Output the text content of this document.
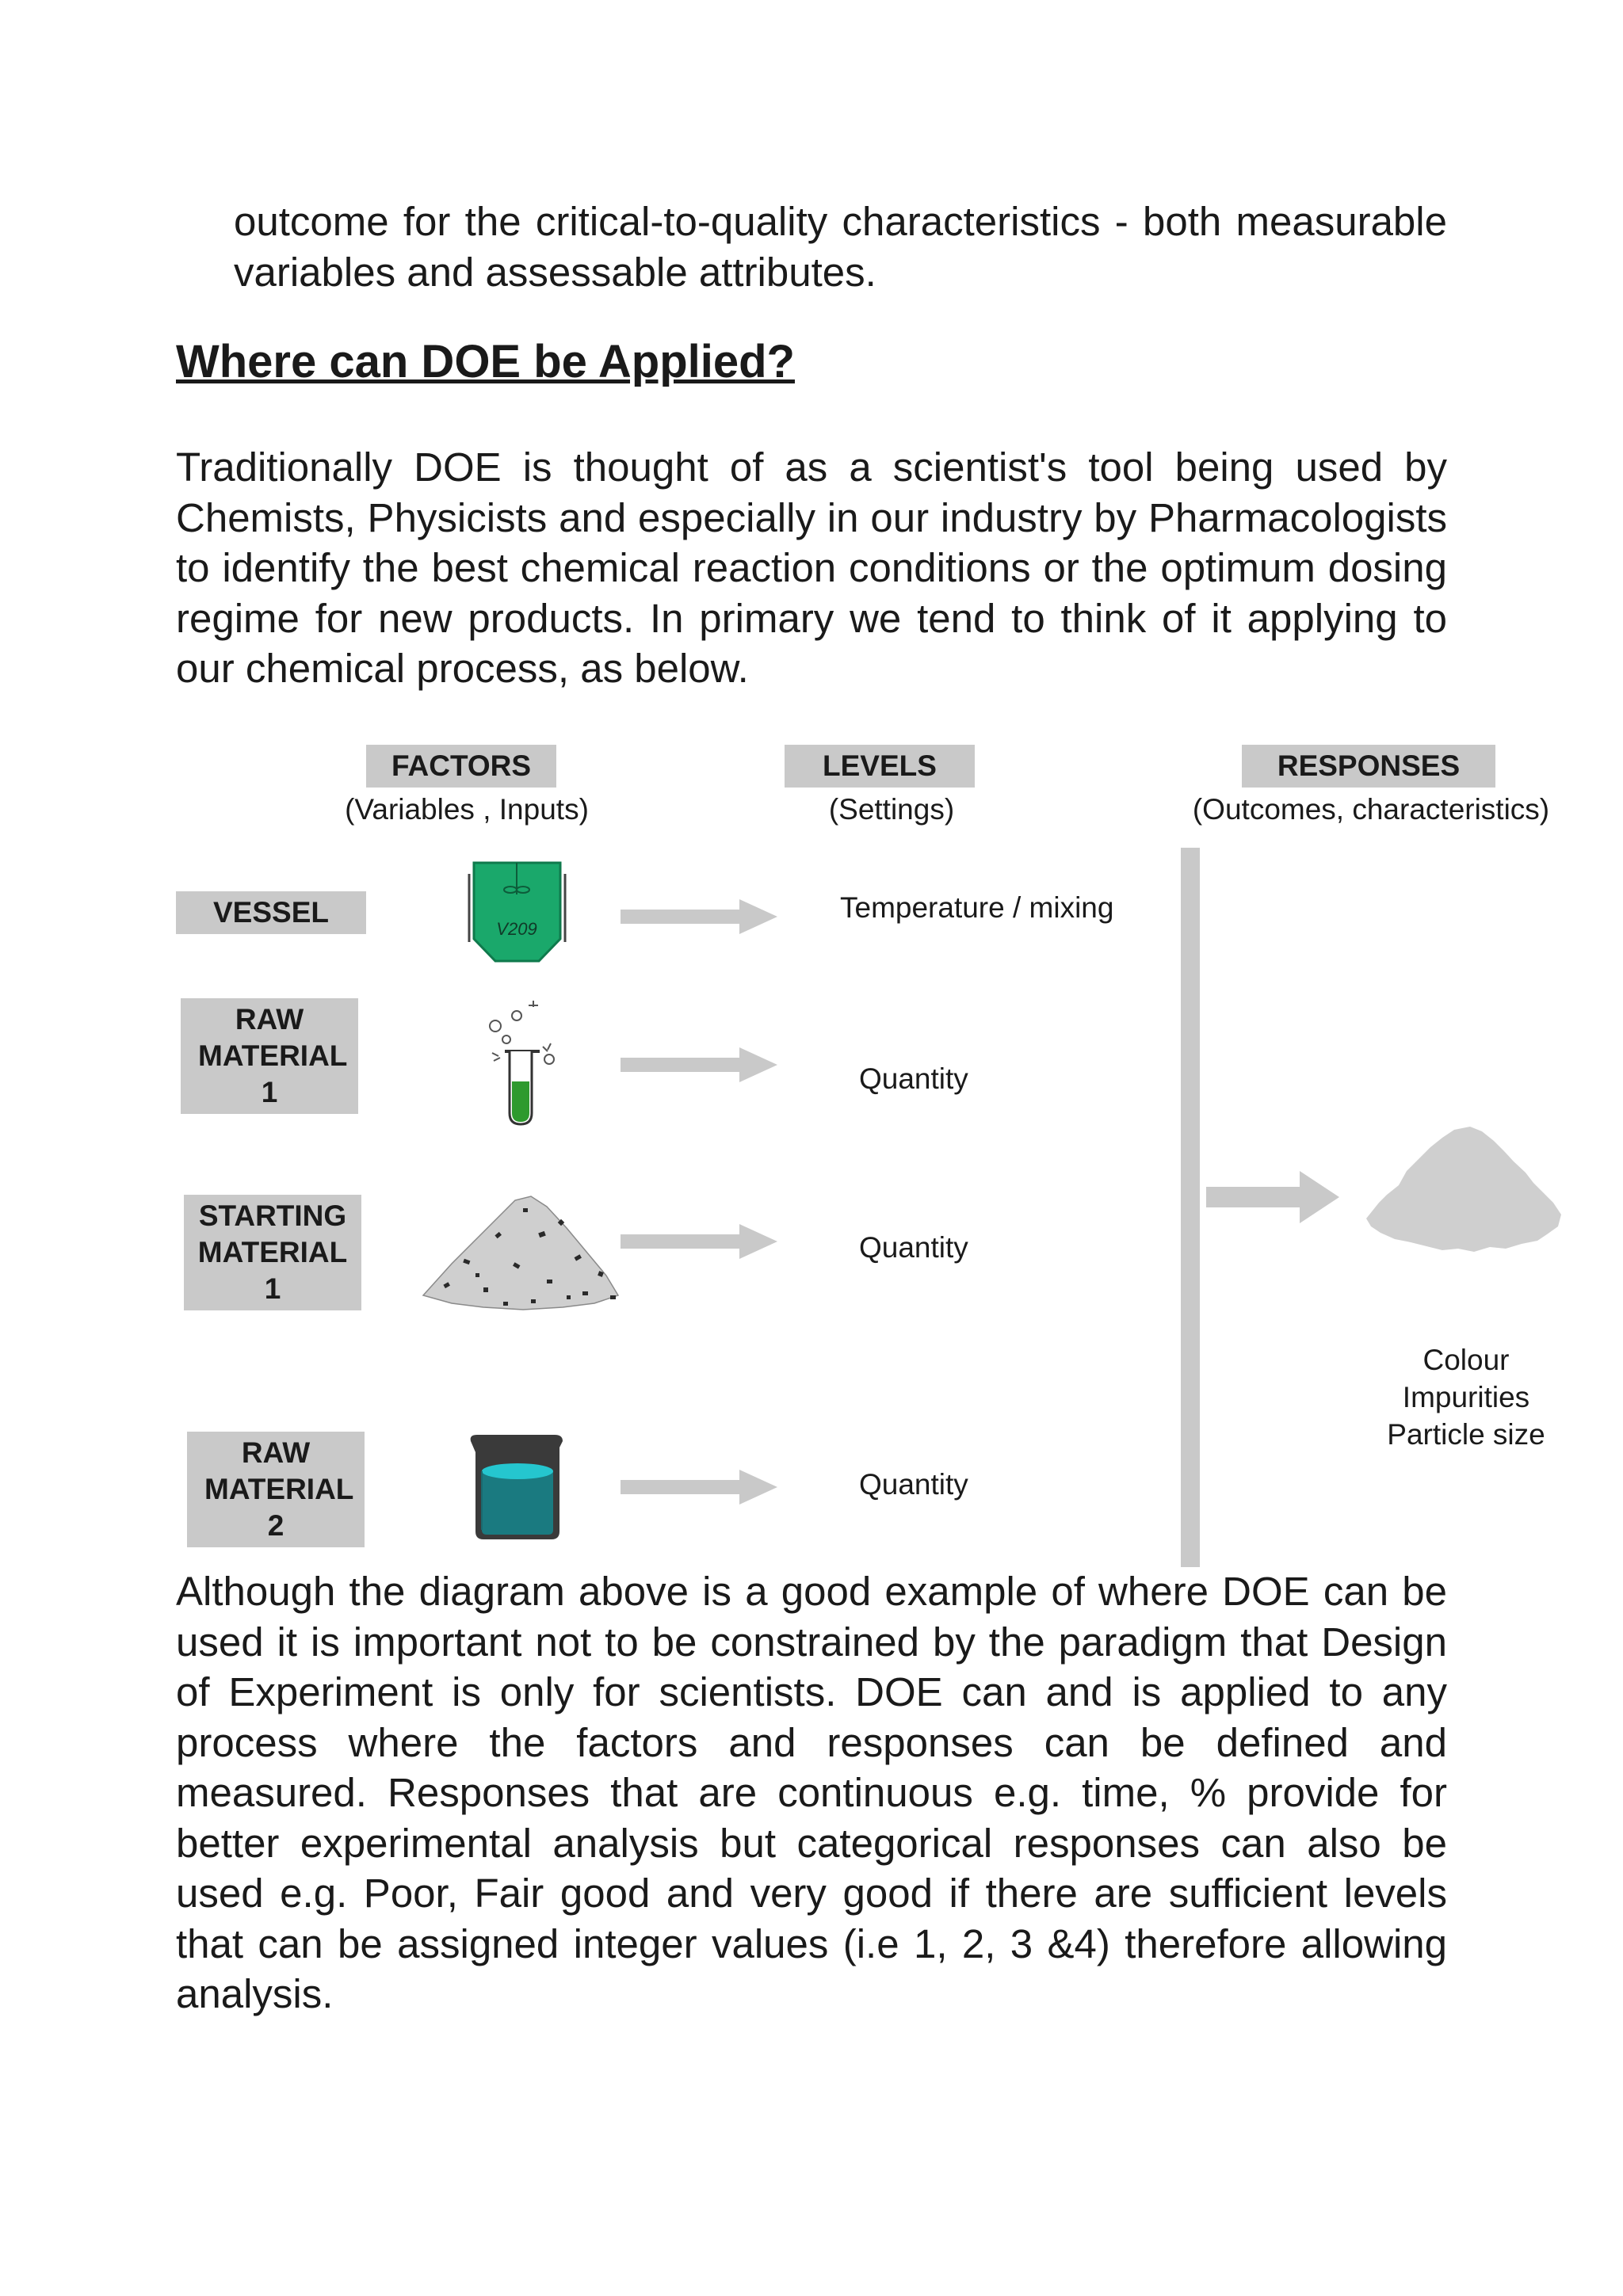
outcome for the critical-to-quality characteristics - both measurable variables and assessable attributes.
Where can DOE be Applied?
Traditionally DOE is thought of as a scientist's tool being used by Chemists, Physicists and especially in our industry by Pharmacologists to identify the best chemical reaction conditions or the optimum dosing regime for new products. In primary we tend to think of it applying to our chemical process, as below.
FACTORS
(Variables , Inputs)
LEVELS
(Settings)
RESPONSES
(Outcomes, characteristics)
VESSEL
RAW MATERIAL 1
STARTING MATERIAL 1
RAW MATERIAL 2
V209
Temperature / mixing
Quantity
Quantity
Quantity
Colour
Impurities
Particle size
Although the diagram above is a good example of where DOE can be used it is important not to be constrained by the paradigm that Design of Experiment is only for scientists. DOE can and is applied to any process where the factors and responses can be defined and measured. Responses that are continuous e.g. time, % provide for better experimental analysis but categorical responses can also be used e.g. Poor, Fair good and very good if there are sufficient levels that can be assigned integer values (i.e 1, 2, 3 &4) therefore allowing analysis.
